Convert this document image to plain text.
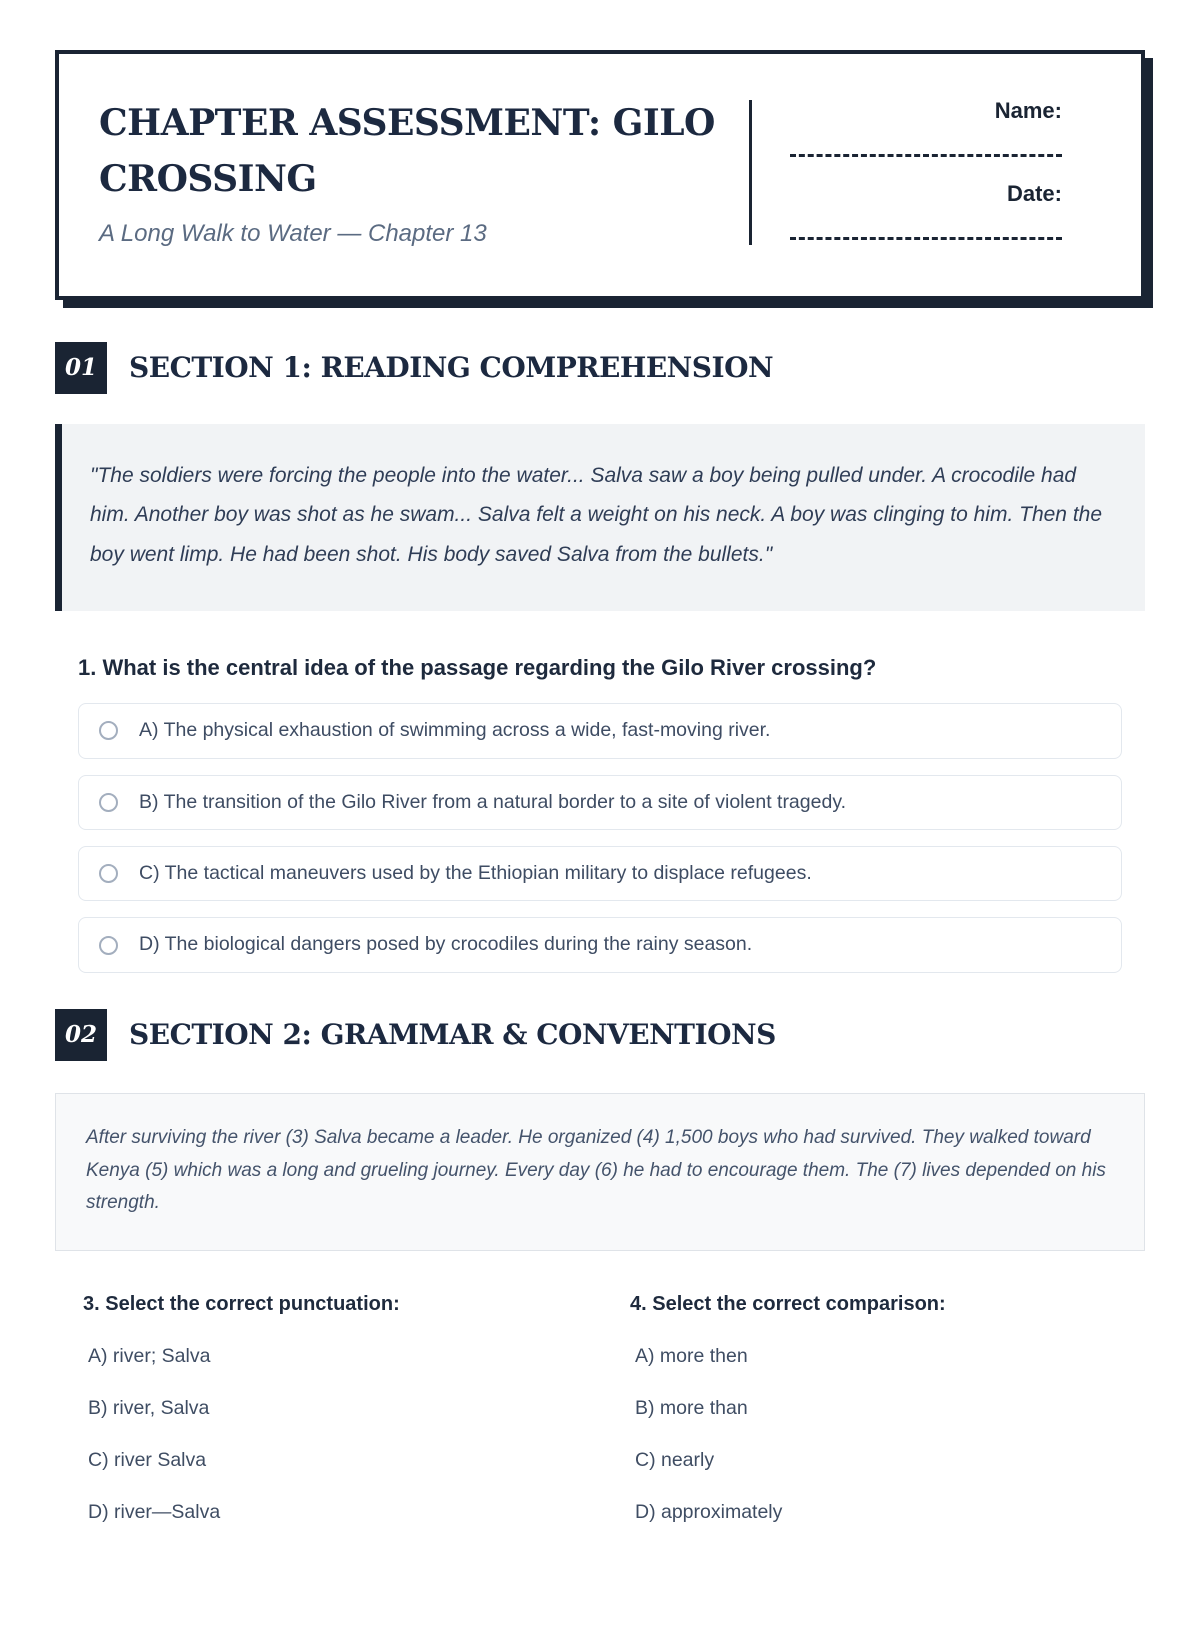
CHAPTER ASSESSMENT: GILO CROSSING

A Long Walk to Water — Chapter 13

Name:
Date:
01	SECTION 1: READING COMPREHENSION

"The soldiers were forcing the people into the water... Salva saw a boy being pulled under. A crocodile had him. Another boy was shot as he swam... Salva felt a weight on his neck. A boy was clinging to him. Then the boy went limp. He had been shot. His body saved Salva from the bullets."

1. What is the central idea of the passage regarding the Gilo River crossing?
A) The physical exhaustion of swimming across a wide, fast-moving river.
B) The transition of the Gilo River from a natural border to a site of violent tragedy.
C) The tactical maneuvers used by the Ethiopian military to displace refugees.
D) The biological dangers posed by crocodiles during the rainy season.
02	SECTION 2: GRAMMAR & CONVENTIONS

After surviving the river (3) Salva became a leader. He organized (4) 1,500 boys who had survived. They walked toward Kenya (5) which was a long and grueling journey. Every day (6) he had to encourage them. The (7) lives depended on his strength.

3. Select the correct punctuation:
A) river; Salva
B) river, Salva
C) river Salva
D) river—Salva
4. Select the correct comparison:
A) more then
B) more than
C) nearly
D) approximately
